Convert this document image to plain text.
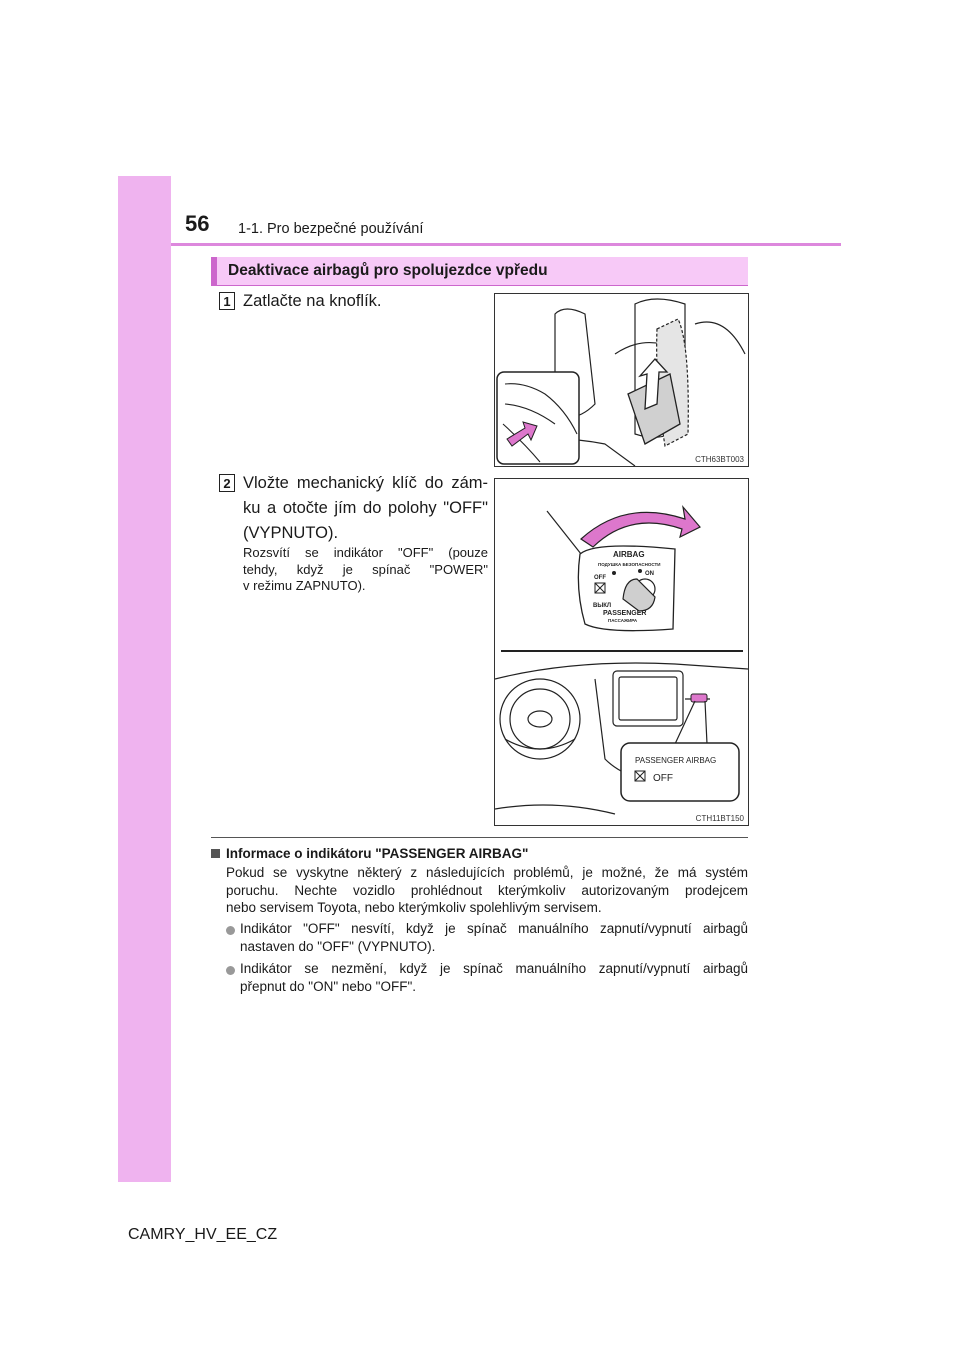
56 1-1. Pro bezpečné používání
Deaktivace airbagů pro spolujezdce vpředu
1 Zatlačte na knoflík.
CTH63BT003
2 Vložte mechanický klíč do zám-
ku a otočte jím do polohy "OFF"
(VYPNUTO).
Rozsvítí se indikátor "OFF" (pouze
tehdy, když je spínač "POWER"
v režimu ZAPNUTO).
AIRBAG
ПОДУШКА БЕЗОПАСНОСТИ
OFF
ON
ВЫКЛ
PASSENGER
ПАССАЖИРА
PASSENGER AIRBAG
OFF
CTH11BT150
Informace o indikátoru "PASSENGER AIRBAG"
Pokud se vyskytne některý z následujících problémů, je možné, že má systém
poruchu. Nechte vozidlo prohlédnout kterýmkoliv autorizovaným prodejcem
nebo servisem Toyota, nebo kterýmkoliv spolehlivým servisem.
Indikátor "OFF" nesvítí, když je spínač manuálního zapnutí/vypnutí airbagů
nastaven do "OFF" (VYPNUTO).
Indikátor se nezmění, když je spínač manuálního zapnutí/vypnutí airbagů
přepnut do "ON" nebo "OFF".
CAMRY_HV_EE_CZ
